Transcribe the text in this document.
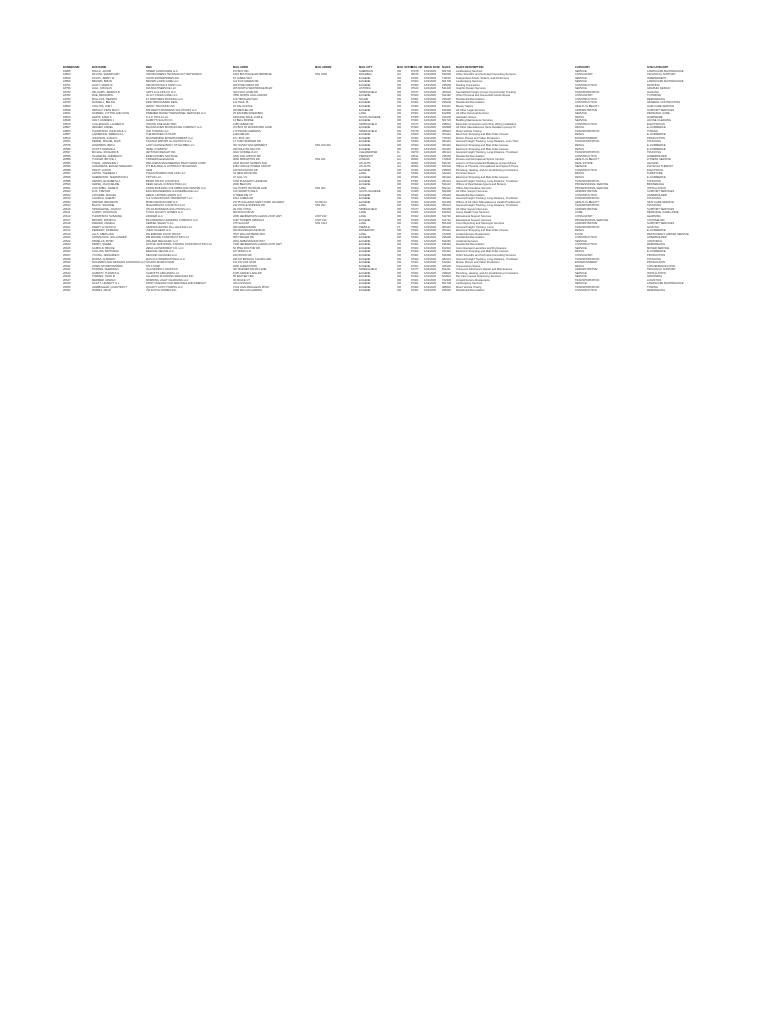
BUSINESSID	BUS NAME	DBA	MAIL ADDR	MAIL ADDR2	MAIL CITY	MAIL STATE	MAIL ZIP	ISSUE DATE	NAICS	NAICS DESCRIPTION	CATEGORY	SUB CATEGORY
18085	PAULA, JACOB	SPEER LANDSCAPE LLC	PO BOX 394		SHERIDAN	OR	97378	1/01/2026	561730	Landscaping Services	SERVICE	LANDSCAPE MAINTENANCE
18823	ZILLOW, SHERRI AMY	VFM BUSINESS TECHNOLOGY NETWORKS	1616 BOUTIQUE ENTERPRISE	STE 1900	ROSWELL	GA	30076	1/01/2026	541690	Other Scientific and Technical Consulting Services	CONSULTANT	TECHNICAL SUPPORT
18810	FOLKS, JERRY W	GOOD ENTERPRISES INC	67 JAMES WAY		EUGENE	OR	97401	1/01/2026	711510	Independent Artists, Writers, and Performers	SERVICE	INDEPENDENT
18809	BROWN, BRIAN	BROWN LAWN CARE LLC	112 FOX GREEN DR		EUGENE	OR	97402	1/01/2026	561730	Landscaping Services	SERVICE	LANDSCAPE MAINTENANCE
18751	HALTY, MARK M	KEN ROOFING & PAINT LLC	925 PINE CREST DR		EUGENE	OR	97402	1/01/2026	238160	Roofing Contractors	CONSTRUCTION	ROOFING
18799	HALL, NIKOLAS	DIA MULTISERVICE LLC	205 NORTH WESTRIDGE BLVD		ASTORIA	OR	97103	1/01/2026	541430	Graphic Design Services	SERVICE	GRAPHIC DESIGN
18783	WILLIAMS, JEREMY B	ARTS & GLASS CO LLC	422 FOLK ACRE RD		SPRINGFIELD	OR	97477	1/01/2026	484220	Specialized Freight (except Used Goods) Trucking	TRANSPORTATION	HAULING
18782	RUE, BENJAMIN	JH & K TAKES CARE LLC	7850 NORTH HOLLAND RD		EUGENE	OR	97402	1/01/2026	811490	Other Personal and Household Goods Repair	CONSULTANT	TUTORING
18780	BULLOCK, REDWIN	FJ PARTNERS ROOFING LLC	1117 BRIXHAM WAY		SALEM	OR	97301	1/01/2026	236118	Residential Remodelers	CONSTRUCTION	REMODELING
18766	RUSSELL, BRUCE	ERIC BROUSSARD REAL	122 PAUL PL		EUGENE	OR	97401	1/01/2026	238140	Residential Remodelers	CONSTRUCTION	GENERAL CONTRACTING
18860	COLLINS, JOEY	JENNY TRUCKING INC	97 DALCASTLE		EUGENE	OR	97402	1/01/2026	812112	Beauty Salons	HEALTH & BEAUTY	HAIR CARE SERVICE
18839	WRIGHT, PETE MACY	PATHWAYS BUSINESS SOLUTIONS LLC	200 BETHEL DR		EUGENE	OR	97402	1/01/2026	541990	All Other Legal Services	ADMINISTRATIVE	SUPPORT SERVICES
18841	DARREN, LYTTON AND KAYE	PREMIER MONEY PERSONNEL SERVICES LLC	25 DANUBE RIVER BDC		LANE	OR	97401	1/01/2026	812990	All Other Personal Services	SERVICE	PERSONAL CARE
18843	LEWIS, KARA S	K & K TOOLS LLC	ARCHIVE DALE 1CWLE		SOUTH EUGENE	OR	97405	1/01/2026	444130	Hardware Stores	RETAIL	HARDWARE
18848	HOLT, ANDREW J	HARRY'S SALON CO.	13 BELL BORNE		EUGENE	OR	97401	1/01/2026	561720	Building Maintenance Services	SERVICE	HOUSE CLEANING
18879	CULLENOLIN, LAUREN N	ONLINE ONE ELECTRIC	1186 CREEK DR		SPRINGFIELD	OR	97477	1/01/2026	238210	Electrical Contractors and Other Wiring Installation	CONSTRUCTION	ELECTRICIAN
18867	JENSEN, ANGEL	BLOOM ALIEN BOOKHOUSE COMPANY LLC	PO BOX 52 WOODFORD LAND		EUGENE	OR	97402	1/01/2026	453998	All Other Miscellaneous Store Retailers (except To	RETAIL	E-COMMERCE
18860	THOMPSON, JOHN PAUL C	JGK TOWING LLC	170 PRIOR GARDENS		SPRINGFIELD	OR	97478	1/01/2026	488410	Motor Vehicle Towing	TRANSPORTATION	TOWING
18857	LAWRENCE, REBECCA L	THE BOOKED OUTLAW	1190 MELVIN		EUGENE	OR	97402	1/01/2026	454110	Electronic Shopping and Mail-Order Houses	RETAIL	E-COMMERCE
18810	JOHNSON, JASON L	MASTERMIND ENTERTAINMENT LLC	P.O. BOX 423		EUGENE	OR	97401	1/01/2026	711510	Motion Picture and Video Production	ENTERTAINMENT	PRODUCTION
20561	PERDE, MIGUEL ISAIS	TACOMA IMPORT & LOGISTICS LLC	17 TURF BORDER DR		EUGENE	OR	97402	1/01/2026	484110	General Freight Trucking, Long-Distance, Less Than	TRANSPORTATION	TRUCKING
20578	HOWARDS, BETH	LAST CHANCE BODY STYLE BBQ LLC	407 SUNNY ESCARPMENT	STE 100-301	EUGENE	OR	97402	1/01/2026	454110	Electronic Shopping and Mail-Order Houses	RETAIL	E-COMMERCE
20589	SCOTT, MARGIE A	ISNEL COMPANY	290 WILLOW ASH TIN		EUGENE	OR	97402	1/01/2026	454110	Electronic Shopping and Mail-Order Houses	RETAIL	E-COMMERCE
20597	MICHAL, RICHARD B	JETSTAR FREIGHT INC	4022 CORDELIA LN		CLEARWATER	FL	33760	1/01/2026	484121	General Freight Trucking, Long-Distance, Truckload	TRANSPORTATION	TRUCKING
20598	SCHAEFFE, ANDREW P	EDEN HOMES SANTAGE	1820 OAK GROUP DR		PIEDMONT	CA	94611	1/01/2026	236118	Residential Remodelers	CONSTRUCTION	HOMEBUILDER
20588	TUCKER, BRYCE J	TANNERS ELEGANCE	9090 SPRAWTON RD	STE 201	ATHENS	GA	30601	1/01/2026	713940	Fitness and Recreational Sports Centers	HEALTH & BEAUTY	FITNESS SERVICE
20586	TORAL, ADRIANNE J	WELLNESS ENGINEERING BACKYARDS CORP	3432 MOUNT MORRIS AVE		ATLANTA	GA	30301	1/01/2026	531120	Lessors of Nonresidential Buildings (except Minies	REAL ESTATE	LEASING
20595	CHILDRESS, EDGAR GREGORY	FIT BUILDING & CONTRACT BUILDINGS	1184 CIRCLE TOWER GROUP		ATLANTA	GA	30301	1/01/2026	621340	Offices of Physical, Occupational and Speech Thera	SERVICE	PHYSICAL THERAPY
20588	PRATT, JASON	GEM	166 DOGWOOD DR		EUGENE	OR	97401	1/01/2026	238220	Plumbing, Heating, and Air-Conditioning Contractors	CONSTRUCTION	ELECTRICAL
20597	COSTA, THERESA J	TWIGS BOARDS FOR LIFE LLC	42 NEW WOOD RD		LANE	OR	97401	1/01/2026	442110	Furniture Stores	RETAIL	FURNITURE
20598	SHERWOOD, SHERWOOD A	TIKTOK LLC	47 JALL CV		EUGENE	OR	97401	1/01/2026	454110	Electronic Shopping and Mail-Order Houses	RETAIL	E-COMMERCE
20588	FIENDS, ELIZABETH A	BRIAN TRUCK LOGISTICS	4752 PLEASANT HOME DR		EUGENE	OR	97401	1/01/2026	484121	General Freight Trucking, Long-Distance, Truckload	TRANSPORTATION	TRUCKING
20590	LERNE, JACQUELINE	KEEN LEGAL CONSULTING LLC	2000 BEACON		EUGENE	OR	97402	1/01/2026	541110	Offices of Real Estate Agents and Brokers	PROFESSIONAL SERVICE	BROKERAGE
20601	COLUMBIA, JAMIE N	TRINH BUILDING COLUMBIA AND CENTER LLC	ALL PARTS ISOTRAM HUB	STE 202	LANE	OR	97402	1/01/2026	561110	Office Administrative Services	PROFESSIONAL SERVICE	INSTALLATION
20603	FOX, TREVOR	ENG ENGINEERING & ASSEMBLAGE LLC	120 SWARTS WALK		SOUTH EUGENE	OR	97405	1/01/2026	561990	All Other Support Services	ADMINISTRATIVE	SUPPORT SERVICES
20602	LATORRE, MIGUEL	FERAL LIMITED HANDS LLC	9 TREELINE CT		EUGENE	OR	97401	1/01/2026	236118	Residential Remodelers	CONSTRUCTION	HOMEBUILDER
20610	CHURCH, SHELBY	S & S MOUNTAINS TRANSPORT LLC	1812 JAMES DR		EUGENE	OR	97401	1/01/2026	484121	General Freight Trucking, Long-Distance, Truckload	TRANSPORTATION	TRUCKING
20593	PARKER, BRANDON	BURN DESIGN FIRM LLC	15778 GALLERIA SAINT FORD HIGHWAY	SUITE 04	EUGENE	OR	97402	1/01/2026	621399	Offices of All Other Miscellaneous Health Practitioners	HEALTH & BEAUTY	SKIN CARE SERVICE
20613	BLACK, SHANNIE	MAGORDGIST LOGISTICS LLC	242 POOLE SPRINGS DR	STE 202	LANE	OR	97402	1/01/2026	484121	General Freight Trucking, Long-Distance, Truckload	TRANSPORTATION	TRUCKING
20616	SPINKLEDSE, JOHN M	ATLAS BUSINESS SOLUTIONS LLC	29 OAK TOTAL		SPRINGFIELD	OR	97477	1/01/2026	561990	All Other Support Services	ADMINISTRATIVE	SUPPORT SERVICES
20611	CURRY, JONATHAN	TOTAL QUALITY HOMES LLC	900 RIOUX BLVD		LANE	OR	97401	1/01/2026	621610	Home Health Care Services	CARE	PERSONAL CARE HOME
20613	THOMPSON, SUSANNE	ZANDER LLC	2000 HENDERSON GLENN LOOP HWY	UNIT 190	LANE	OR	97402	1/01/2026	611710	Educational Support Services	CONSULTANT	LEARNING
20617	BROWN, PATRICIA	BOUNDARIES LEARNING COMPANY LLC	1160 TOWERS SPRINGS	UNIT 190	EUGENE	OR	97402	1/01/2026	611710	Educational Support Services	PROFESSIONAL SERVICE	COUNSELING
20618	PARKER, ANGELA	KERNEL SELECT LLC	375 SALIANT	STE 1014	LANE	OR	97401	1/01/2026	561440	Court Reporting and Stenotype Services	ADMINISTRATIVE	SUPPORT SERVICES
20621	PARRY, HYACINTH	SIMPSON EXTRA FILL HAULING LLC	990 GREEN BARN		TEMPLE	TX	76501	1/01/2026	484110	General Freight Trucking, Local	TRANSPORTATION	HAULING
20614	PERFEDY, DOMENIC	JOHN SCHEAR LLC	200 ROUNDHOUSE BLVD		ROSEMONT	OR	97401	1/01/2026	454110	Electronic Shopping and Mail-Order Houses	RETAIL	E-COMMERCE
20619	ALLS, ABRILLING	ON ERRAND FOOD TRUCK	7847 WILLOW BEND WAY		LANE	OR	97402	1/01/2026	722330	Limited-Service Restaurants	FOOD	RESTAURANT LIMITED SERVICE
20620	ANTENCHUK, HOLLANDER	DM MOORE CONSTRUCTION LLC	905 TRACER RD		EUGENE	OR	97401	1/01/2026	236118	Residential Remodelers	CONSTRUCTION	HOMEBUILDER
20622	PAMELAS, BYRD	WALKER MECHANIC LLC	2010 AMBASSADOR WAY		EUGENE	OR	97401	1/01/2026	811290	Janitorial Services	SERVICE	JANITORIAL
20623	PERRY, SHEBA	ACTIVE JANITORIAL STRONG CONSTRUCTION LLC	7348 HENDERSON GLENN LOOP HWY		EUGENE	OR	97401	1/01/2026	236118	Residential Remodelers	CONSTRUCTION	REMODELING
20625	GLIBOLD, BRUCE	ZENA LAUNDROMAT CO. LLC	52 PINE DOCTOR DR		EUGENE	OR	97402	1/01/2026	812310	Coin-Operated Laundries and Drycleaners	SERVICE	MOVER SERVICE
20626	COLLINS, BRITTANIA	MEDICAL DECOR LLC	107 BIRCH LN		EUGENE	OR	97402	1/01/2026	454110	Electronic Shopping and Mail-Order Houses	RETAIL	E-COMMERCE
20627	YOUNG, JESSAMIE D	SECOND CHANCES LLC	109 WOOD DR		EUGENE	OR	97401	1/01/2026	541690	Other Scientific and Technical Consulting Services	CONSULTANT	PRODUCTION
20628	RUSSA, ALFREDO	MAS ALA INTERNATIONAL LLC	250 MT BRANCH CHURCH RD		EUGENE	OR	97402	1/01/2026	484121	General Freight Trucking, Long-Distance, Truckload	TRANSPORTATION	TRUCKING
20633	RICHARDS AND DESIGNS HOLDINGS LLC	STUDIO MARIN FILMS	110 TAYLOR STAR		EUGENE	OR	97401	1/01/2026	512110	Motion Picture and Video Production	ENTERTAINMENT	PRODUCTION
20631	OWEN STORM KENDRA	ON A STEP	2090 JAMESTOWN		EUGENE	OR	97401	1/01/2026	445120	Convenience Stores	RETAIL	CONVENIENCE FOOD
20641	PORTER, SHERIDAN	OLD MONDO LOGISTICS	407 BARNES DR RD LANE		SPRINGFIELD	OR	97477	1/01/2026	811211	Consumer Electronics Repair and Maintenance	ADMINISTRATIVE	TECHNICAL SUPPORT
20644	HARRITY, THOMAS G	CAROFT'S ARCHIVES LLC	1035 GRAND LAKE RD		EUGENE	OR	97401	1/01/2026	238220	Plumbing, Heating, and Air-Conditioning Contractors	SERVICE	INSTALLATION
20646	TORRES, JOHN M	ALLIANCE FLOORING SERVICES INC	55 BAXTER TER		EUGENE	OR	97402	1/01/2026	812910	Pet Care (except Veterinary) Services	SERVICE	GROOMING
20647	MERMER, MARGO	MORNING LIGHT CHARGING LLC	30 NOLFE CT		EUGENE	OR	97401	1/01/2026	722330	Limited-Service Restaurants	TRANSPORTATION	LOGISTICS
20649	SCOTT, LEVRETT G L	FIRST OCEANIA CAR SERVICES AND FREIGHT	420 COSSACK		EUGENE	OR	97401	1/01/2026	561730	Landscaping Services	SERVICE	LANDSCAPE MAINTENANCE
20650	ARRIBALEAD, QUANTRAYT	QUALITY AUTO TOWING LLC	3743 JAVA ANDALEAN PKWY		EUGENE	OR	97402	1/01/2026	488410	Motor Vehicle Towing	TRANSPORTATION	TOWING
20652	RIVERS, ARAN	VIA DUTCH HOMES INC.	2180 PALLAS GARDEN		EUGENE	OR	97401	1/01/2026	236118	Residential Remodelers	CONSTRUCTION	REMODELING
